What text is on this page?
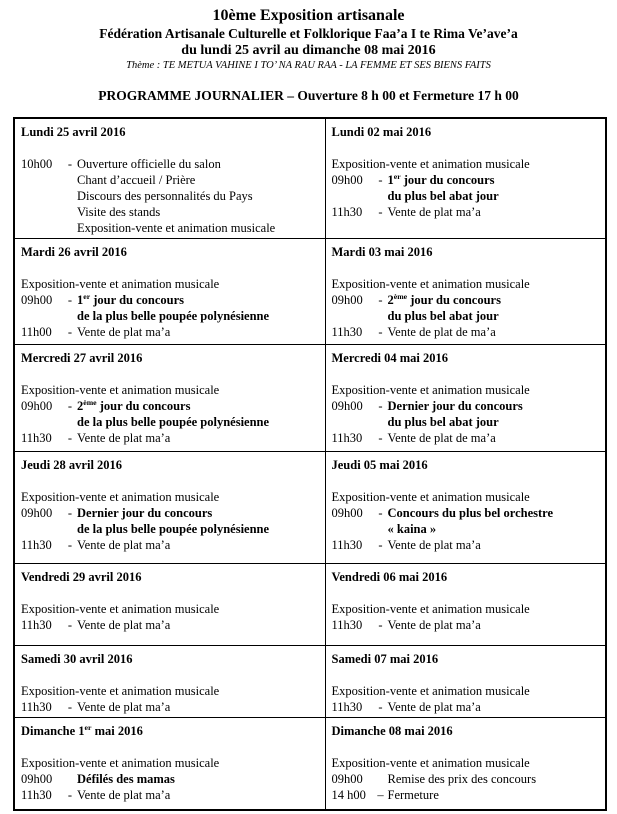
10ème Exposition artisanale
Fédération Artisanale Culturelle et Folklorique Faa’a I te Rima Ve’ave’a
du lundi 25 avril au dimanche 08 mai 2016
Thème : TE METUA VAHINE I TO’ NA RAU RAA - LA FEMME ET SES BIENS FAITS
PROGRAMME JOURNALIER – Ouverture 8 h 00 et Fermeture 17 h 00
Lundi 25 avril 2016
10h00 - Ouverture officielle du salon
Chant d’accueil / Prière
Discours des personnalités du Pays
Visite des stands
Exposition-vente et animation musicale

Lundi 02 mai 2016
Exposition-vente et animation musicale
09h00 - 1er jour du concours
du plus bel abat jour
11h30 - Vente de plat ma’a

Mardi 26 avril 2016
Exposition-vente et animation musicale
09h00 - 1er jour du concours
de la plus belle poupée polynésienne
11h00 - Vente de plat ma’a

Mardi 03 mai 2016
Exposition-vente et animation musicale
09h00 - 2ème jour du concours
du plus bel abat jour
11h30 - Vente de plat de ma’a

Mercredi 27 avril 2016
Exposition-vente et animation musicale
09h00 - 2ème jour du concours
de la plus belle poupée polynésienne
11h30 - Vente de plat ma’a

Mercredi 04 mai 2016
Exposition-vente et animation musicale
09h00 - Dernier jour du concours
du plus bel abat jour
11h30 - Vente de plat de ma’a

Jeudi 28 avril 2016
Exposition-vente et animation musicale
09h00 - Dernier jour du concours
de la plus belle poupée polynésienne
11h30 - Vente de plat ma’a

Jeudi 05 mai 2016
Exposition-vente et animation musicale
09h00 - Concours du plus bel orchestre
« kaina »
11h30 - Vente de plat ma’a

Vendredi 29 avril 2016
Exposition-vente et animation musicale
11h30 - Vente de plat ma’a

Vendredi 06 mai 2016
Exposition-vente et animation musicale
11h30 - Vente de plat ma’a

Samedi 30 avril 2016
Exposition-vente et animation musicale
11h30 - Vente de plat ma’a

Samedi 07 mai 2016
Exposition-vente et animation musicale
11h30 - Vente de plat ma’a

Dimanche 1er mai 2016
Exposition-vente et animation musicale
09h00 Défilés des mamas
11h30 - Vente de plat ma’a

Dimanche 08 mai 2016
Exposition-vente et animation musicale
09h00 Remise des prix des concours
14 h00 – Fermeture
